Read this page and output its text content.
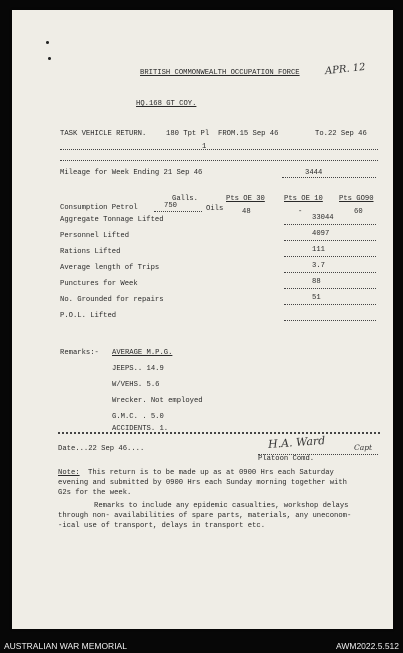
BRITISH COMMONWEALTH OCCUPATION FORCE APR. 12
HQ.168 GT COY.
TASK VEHICLE RETURN.	180 Tpt Pl FROM.15 Sep 46	To.22 Sep 46
1
Mileage for Week Ending 21 Sep 46	3444
Galls.	Pts OE 30	Pts OE 10 Pts GO90
Consumption Petrol	750	Oils	48	-	60
Aggregate Tonnage Lifted	33044
Personnel Lifted	4097
Rations Lifted	111
Average length of Trips	3.7
Punctures for Week	88
No. Grounded for repairs	51
P.O.L. Lifted
Remarks:- AVERAGE M.P.G.
JEEPS.. 14.9
W/VEHS. 5.6
Wrecker. Not employed
G.M.C. . 5.0
ACCIDENTS. 1.
Date...22 Sep 46....	H.A. Ward	Capt
Platoon Comd.
Note: This return is to be made up as at 0900 Hrs each Saturday
evening and submitted by 0900 Hrs each Sunday morning together with
G2s for the week.
Remarks to include any epidemic casualties, workshop delays
through non- availabilities of spare parts, materials, any uneconom-
-ical use of transport, delays in transport etc.
AUSTRALIAN WAR MEMORIAL	AWM2022.5.512
